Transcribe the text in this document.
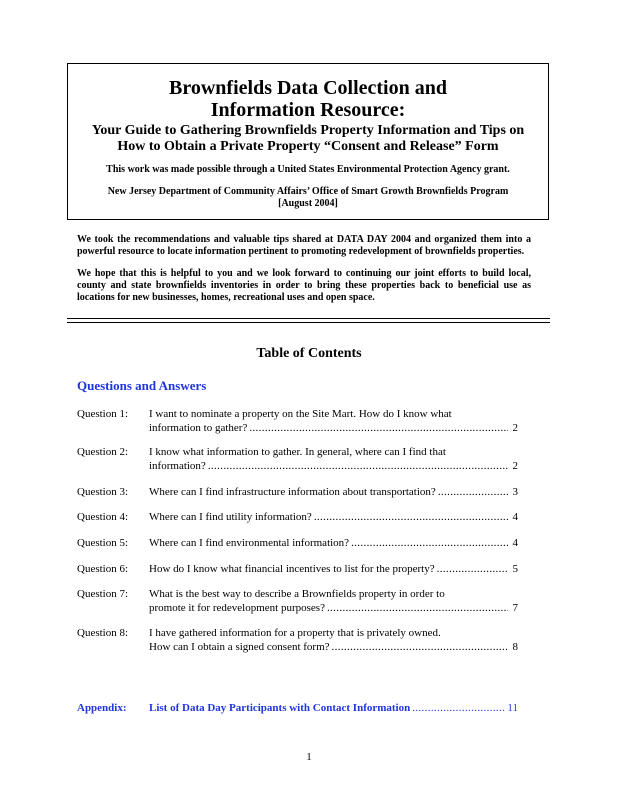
Brownfields Data Collection and
Information Resource:
Your Guide to Gathering Brownfields Property Information and Tips on
How to Obtain a Private Property “Consent and Release” Form
This work was made possible through a United States Environmental Protection Agency grant.
New Jersey Department of Community Affairs’ Office of Smart Growth Brownfields Program
[August 2004]

We took the recommendations and valuable tips shared at DATA DAY 2004 and organized them into a powerful resource to locate information pertinent to promoting redevelopment of brownfields properties.

We hope that this is helpful to you and we look forward to continuing our joint efforts to build local, county and state brownfields inventories in order to bring these properties back to beneficial use as locations for new businesses, homes, recreational uses and open space.

Table of Contents
Questions and Answers
Question 1: I want to nominate a property on the Site Mart. How do I know what
information to gather? . . .	2
Question 2: I know what information to gather. In general, where can I find that
information? . . .	2
Question 3: Where can I find infrastructure information about transportation? . . .	3
Question 4: Where can I find utility information? . . .	4
Question 5: Where can I find environmental information? . . .	4
Question 6: How do I know what financial incentives to list for the property? . . .	5
Question 7: What is the best way to describe a Brownfields property in order to
promote it for redevelopment purposes? . . .	7
Question 8: I have gathered information for a property that is privately owned.
How can I obtain a signed consent form? . . .	8
Appendix: List of Data Day Participants with Contact Information . . .	11
1
